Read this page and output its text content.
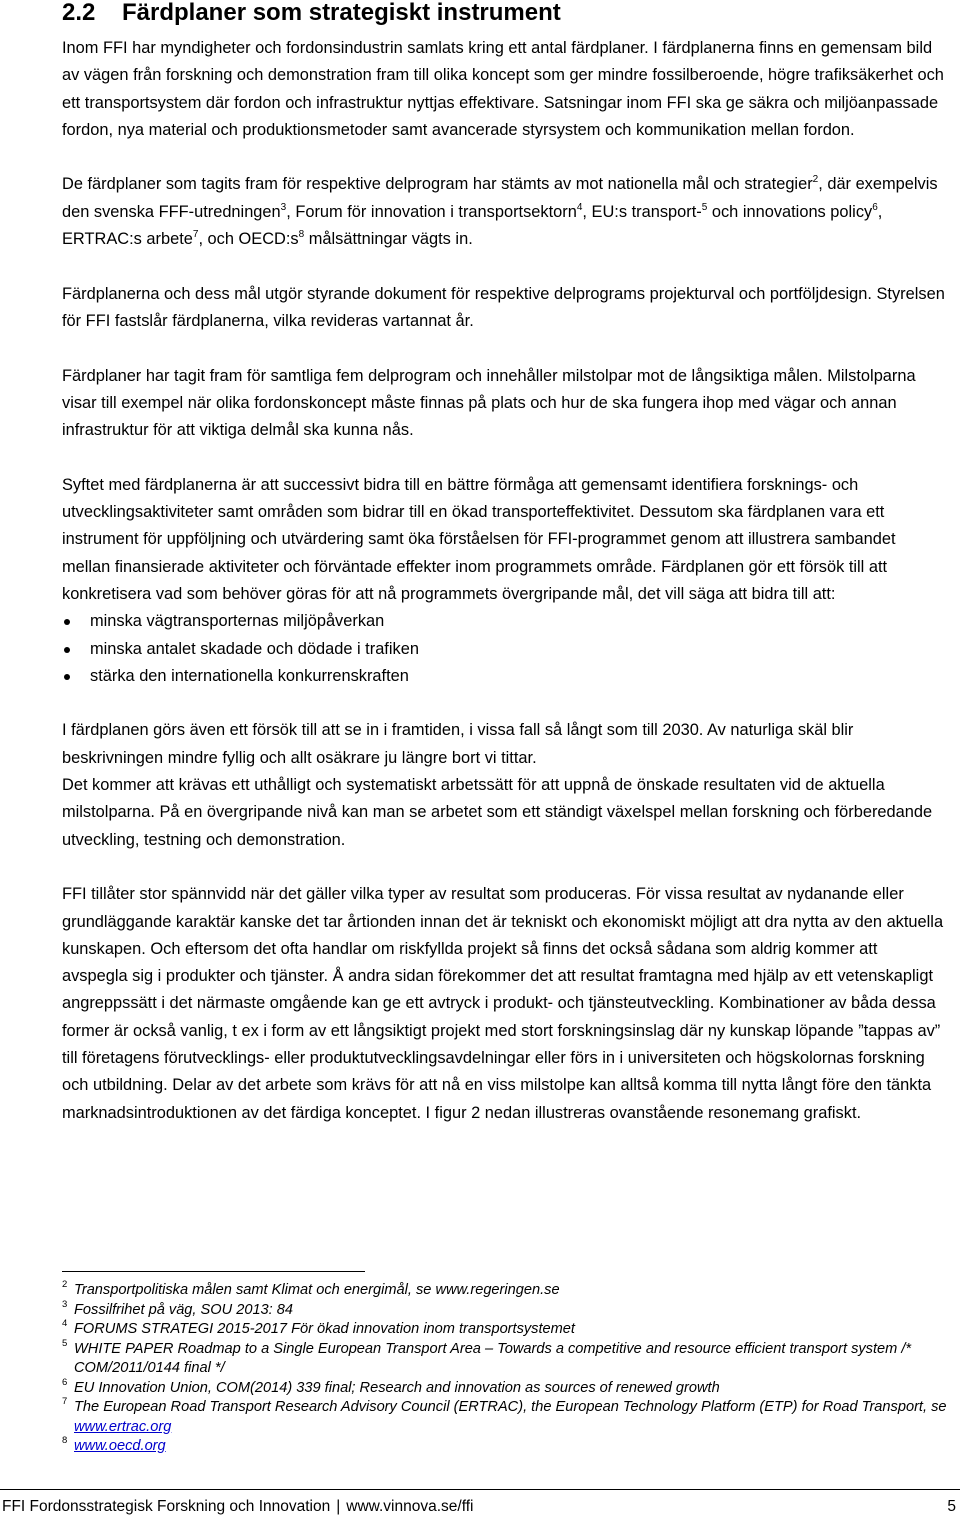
2.2 Färdplaner som strategiskt instrument

Inom FFI har myndigheter och fordonsindustrin samlats kring ett antal färdplaner. I färdplanerna finns en gemensam bild av vägen från forskning och demonstration fram till olika koncept som ger mindre fossilberoende, högre trafiksäkerhet och ett transportsystem där fordon och infrastruktur nyttjas effektivare. Satsningar inom FFI ska ge säkra och miljöanpassade fordon, nya material och produktionsmetoder samt avancerade styrsystem och kommunikation mellan fordon.

De färdplaner som tagits fram för respektive delprogram har stämts av mot nationella mål och strategier$^2$, där exempelvis den svenska FFF-utredningen$^3$, Forum för innovation i transportsektorn$^4$, EU:s transport-$^5$ och innovations policy$^6$, ERTRAC:s arbete$^7$, och $OECD:s^8$ målsättningar vägts in.

Färdplanerna och dess mål utgör styrande dokument för respektive delprograms projekturval och portföljdesign. Styrelsen för FFI fastslår färdplanerna, vilka revideras vartannat år.

Färdplaner har tagit fram för samtliga fem delprogram och innehåller milstolpar mot de långsiktiga målen. Milstolparna visar till exempel när olika fordonskoncept måste finnas på plats och hur de ska fungera ihop med vägar och annan infrastruktur för att viktiga delmål ska kunna nås.

Syftet med färdplanerna är att successivt bidra till en bättre förmåga att gemensamt identifiera forsknings- och utvecklingsaktiviteter samt områden som bidrar till en ökad transporteffektivitet. Dessutom ska färdplanen vara ett instrument för uppföljning och utvärdering samt öka förståelsen för FFI-programmet genom att illustrera sambandet mellan finansierade aktiviteter och förväntade effekter inom programmets område. Färdplanen gör ett försök till att konkretisera vad som behöver göras för att nå programmets övergripande mål, det vill säga att bidra till att:

minska vägtransporternas miljöpåverkan
minska antalet skadade och dödade i trafiken
stärka den internationella konkurrenskraften

I färdplanen görs även ett försök till att se in i framtiden, i vissa fall så långt som till 2030. Av naturliga skäl blir beskrivningen mindre fyllig och allt osäkrare ju längre bort vi tittar.

Det kommer att krävas ett uthålligt och systematiskt arbetssätt för att uppnå de önskade resultaten vid de aktuella milstolparna. På en övergripande nivå kan man se arbetet som ett ständigt växelspel mellan forskning och förberedande utveckling, testning och demonstration.

FFI tillåter stor spännvidd när det gäller vilka typer av resultat som produceras. För vissa resultat av nydanande eller grundläggande karaktär kanske det tar årtionden innan det är tekniskt och ekonomiskt möjligt att dra nytta av den aktuella kunskapen. Och eftersom det ofta handlar om riskfyllda projekt så finns det också sådana som aldrig kommer att avspegla sig i produkter och tjänster. Å andra sidan förekommer det att resultat framtagna med hjälp av ett vetenskapligt angreppssätt i det närmaste omgående kan ge ett avtryck i produkt- och tjänsteutveckling. Kombinationer av båda dessa former är också vanlig, t ex i form av ett långsiktigt projekt med stort forskningsinslag där ny kunskap löpande ”tappas av” till företagens förutvecklings- eller produktutvecklingsavdelningar eller förs in i universiteten och högskolornas forskning och utbildning. Delar av det arbete som krävs för att nå en viss milstolpe kan alltså komma till nytta långt före den tänkta marknadsintroduktionen av det färdiga konceptet. I figur 2 nedan illustreras ovanstående resonemang grafiskt.

2 Transportpolitiska målen samt Klimat och energimål, se www.regeringen.se
3 Fossilfrihet på väg, SOU 2013: 84
4 FORUMS STRATEGI 2015-2017 För ökad innovation inom transportsystemet
5 WHITE PAPER Roadmap to a Single European Transport Area – Towards a competitive and resource efficient transport system /* COM/2011/0144 final */
6 EU Innovation Union, COM(2014) 339 final; Research and innovation as sources of renewed growth
7 The European Road Transport Research Advisory Council (ERTRAC), the European Technology Platform (ETP) for Road Transport, se www.ertrac.org
8 www.oecd.org
FFI Fordonsstrategisk Forskning och Innovation | www.vinnova.se/ffi	5
